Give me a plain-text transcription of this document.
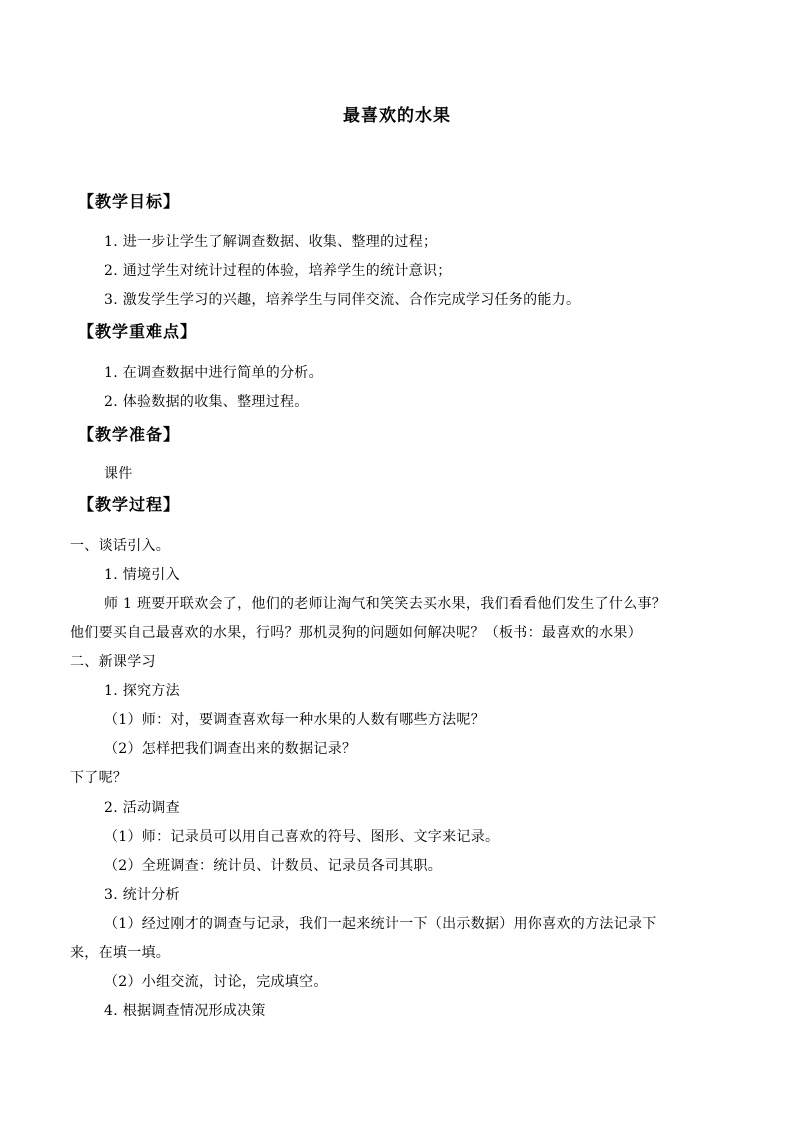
最喜欢的水果
【教学目标】
1. 进一步让学生了解调查数据、收集、整理的过程；
2. 通过学生对统计过程的体验，培养学生的统计意识；
3. 激发学生学习的兴趣，培养学生与同伴交流、合作完成学习任务的能力。
【教学重难点】
1. 在调查数据中进行简单的分析。
2. 体验数据的收集、整理过程。
【教学准备】
课件
【教学过程】
一、谈话引入。
1. 情境引入
师 1 班要开联欢会了，他们的老师让淘气和笑笑去买水果，我们看看他们发生了什么事？
他们要买自己最喜欢的水果，行吗？那机灵狗的问题如何解决呢？（板书：最喜欢的水果）
二、新课学习
1. 探究方法
（1）师：对，要调查喜欢每一种水果的人数有哪些方法呢？
（2）怎样把我们调查出来的数据记录？
下了呢？
2. 活动调查
（1）师：记录员可以用自己喜欢的符号、图形、文字来记录。
（2）全班调查：统计员、计数员、记录员各司其职。
3. 统计分析
（1）经过刚才的调查与记录，我们一起来统计一下（出示数据）用你喜欢的方法记录下
来，在填一填。
（2）小组交流，讨论，完成填空。
4. 根据调查情况形成决策
